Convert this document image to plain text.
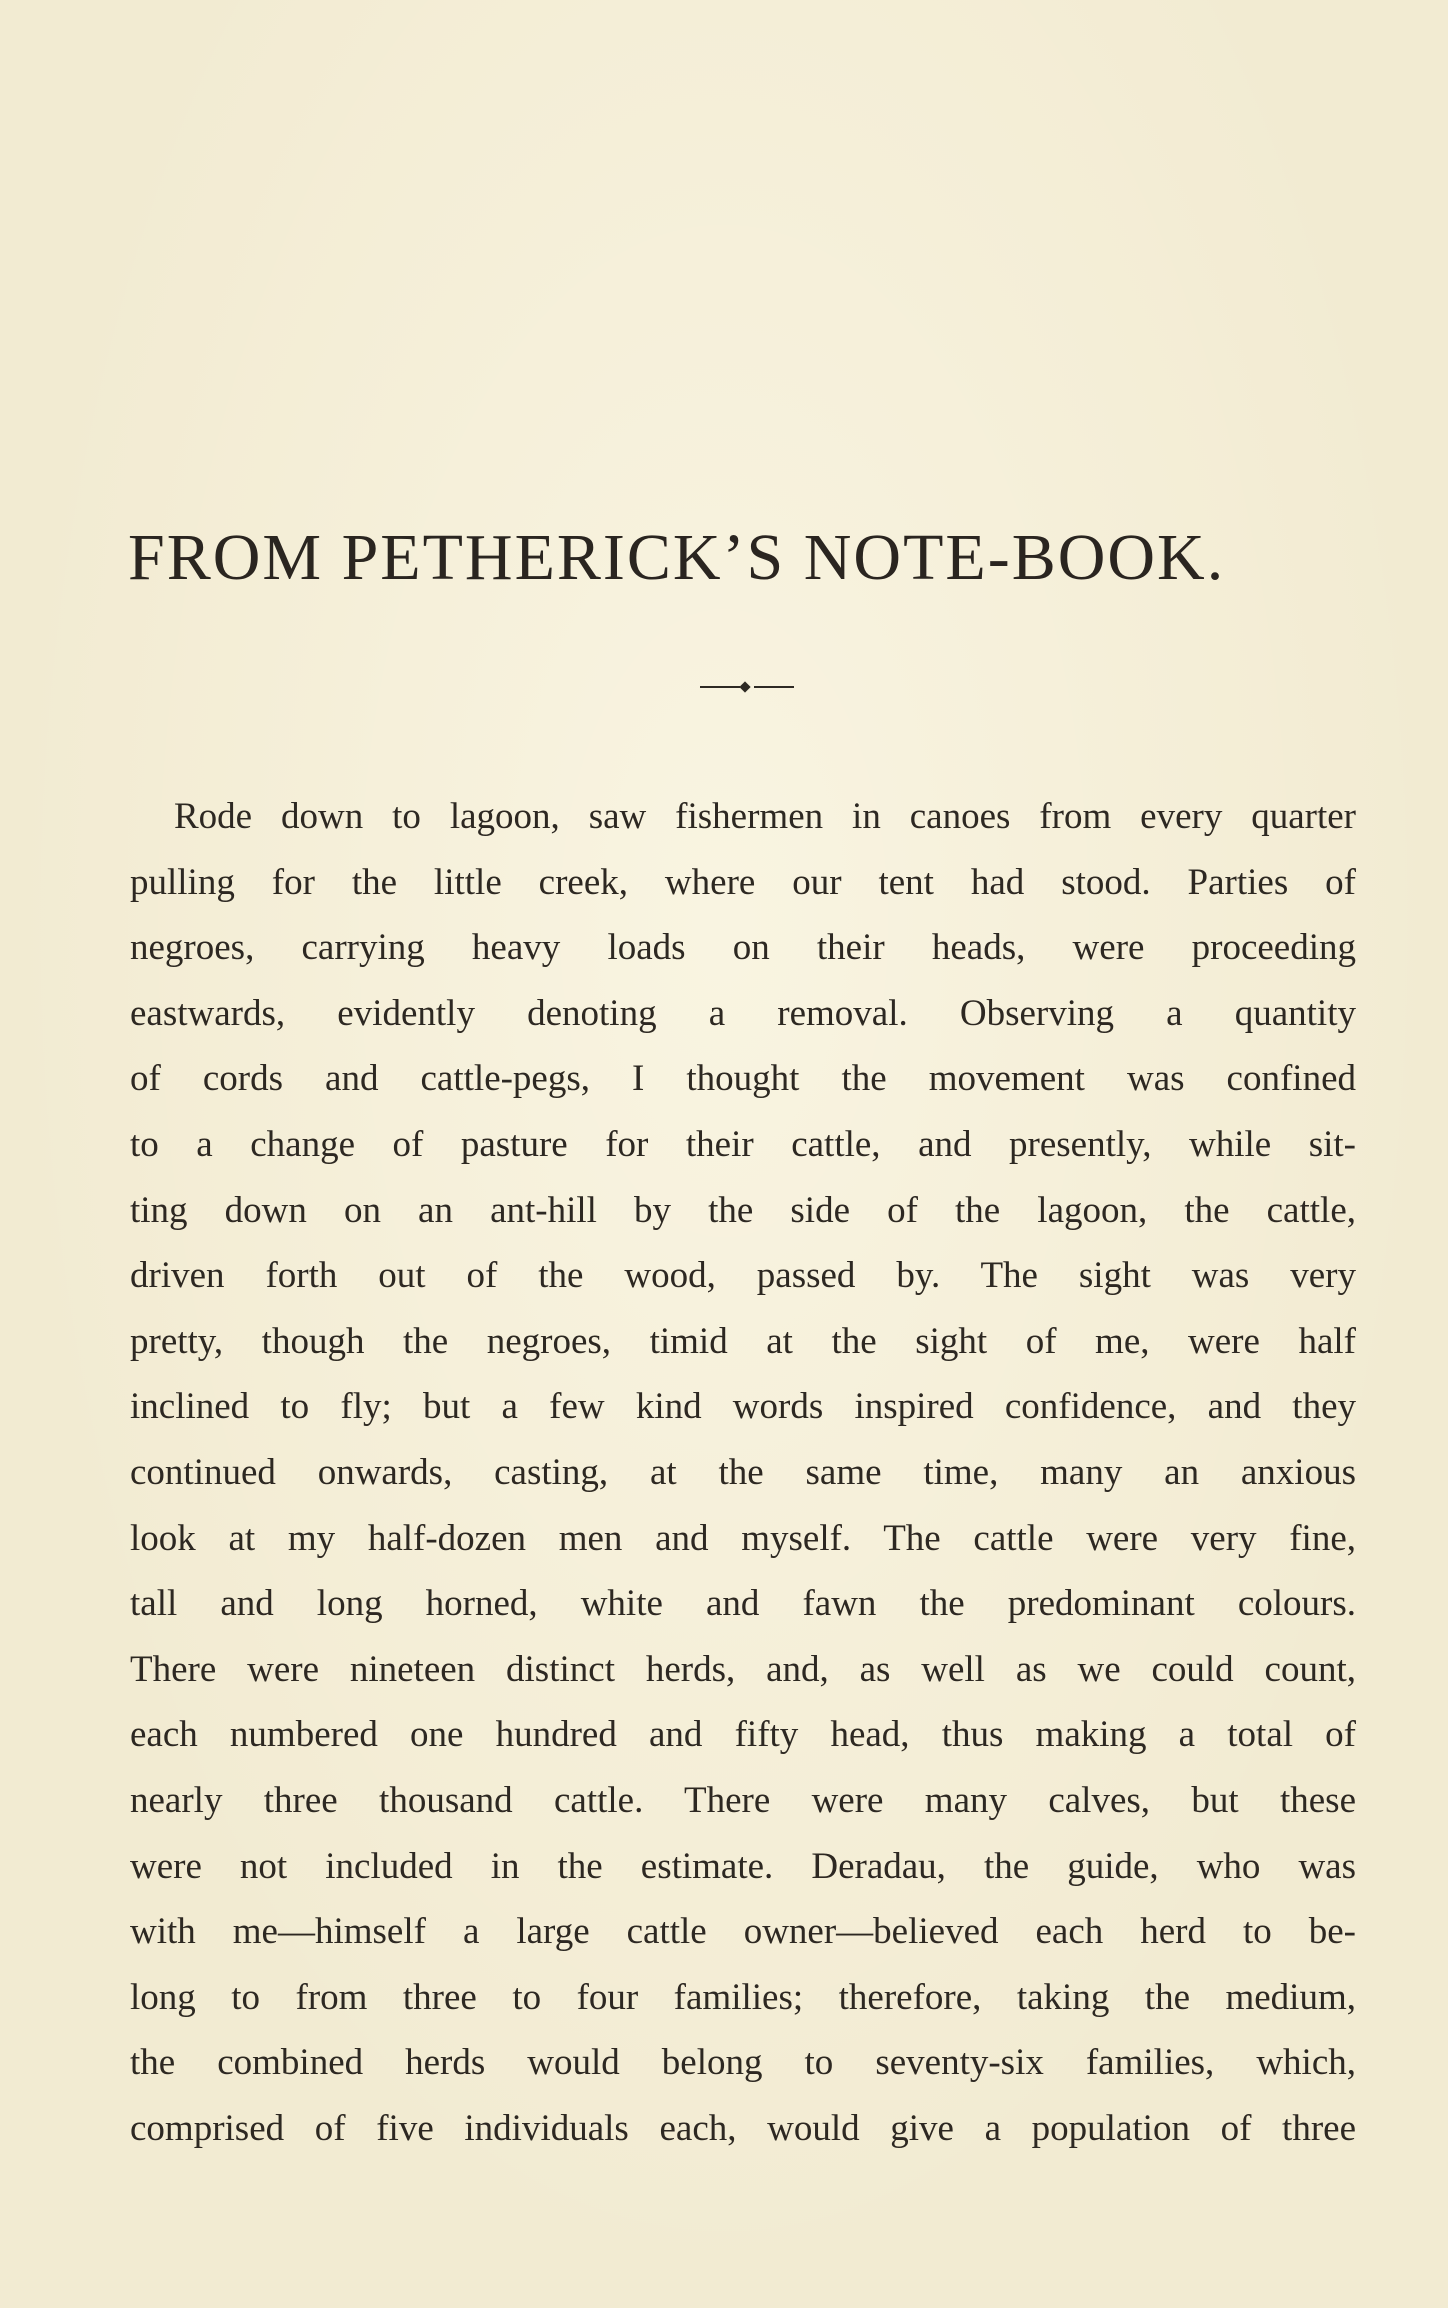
FROM PETHERICK’S NOTE-BOOK.
Rode down to lagoon, saw fishermen in canoes from every quarter
pulling for the little creek, where our tent had stood. Parties of
negroes, carrying heavy loads on their heads, were proceeding
eastwards, evidently denoting a removal. Observing a quantity
of cords and cattle-pegs, I thought the movement was confined
to a change of pasture for their cattle, and presently, while sit-
ting down on an ant-hill by the side of the lagoon, the cattle,
driven forth out of the wood, passed by. The sight was very
pretty, though the negroes, timid at the sight of me, were half
inclined to fly; but a few kind words inspired confidence, and they
continued onwards, casting, at the same time, many an anxious
look at my half-dozen men and myself. The cattle were very fine,
tall and long horned, white and fawn the predominant colours.
There were nineteen distinct herds, and, as well as we could count,
each numbered one hundred and fifty head, thus making a total of
nearly three thousand cattle. There were many calves, but these
were not included in the estimate. Deradau, the guide, who was
with me—himself a large cattle owner—believed each herd to be-
long to from three to four families; therefore, taking the medium,
the combined herds would belong to seventy-six families, which,
comprised of five individuals each, would give a population of three
